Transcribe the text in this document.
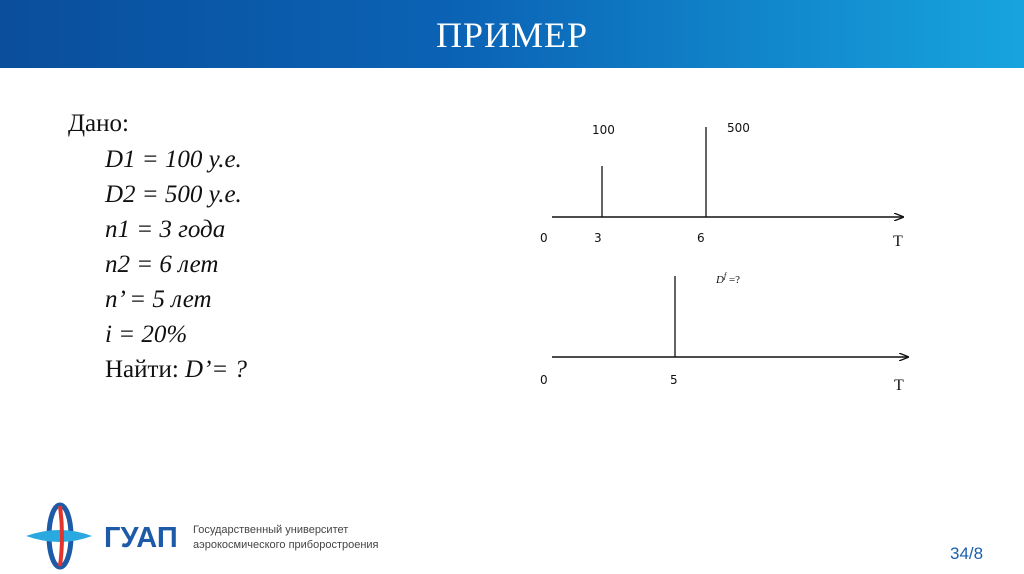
ПРИМЕР
Дано:
D1 = 100 у.е.
D2 = 500 у.е.
n1 = 3 года
n2 = 6 лет
n’ = 5 лет
i = 20%
Найти: D’= ?
100	500
0	3	6	T
$D^f$ =?
0	5	T
ГУАП Государственный университет
аэрокосмического приборостроения	34/8
